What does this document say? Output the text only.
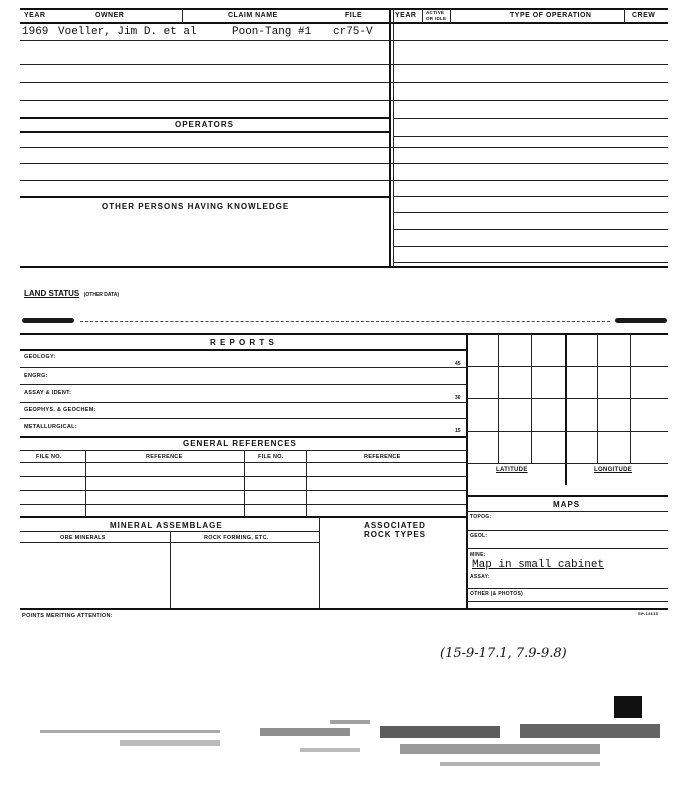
YEAR	OWNER	CLAIM NAME	FILE	YEAR ACTIVE OR IDLE	TYPE OF OPERATION	CREW
1969 Voeller, Jim D. et al	Poon-Tang #1 cr75-V
OPERATORS
OTHER PERSONS HAVING KNOWLEDGE
LAND STATUS (OTHER DATA)
R E P O R T S
GEOLOGY:
45
ENGRG:
ASSAY & IDENT:
30
GEOPHYS. & GEOCHEM:
METALLURGICAL:
15
GENERAL REFERENCES
FILE NO.	REFERENCE	FILE NO.	REFERENCE
MINERAL ASSEMBLAGE	ASSOCIATED ROCK TYPES
ORE MINERALS	ROCK FORMING, ETC.
LATITUDE	LONGITUDE
MAPS
TOPOG:
GEOL:
MINE:
Map in small cabinet
ASSAY:
OTHER (& PHOTOS)
POINTS MERITING ATTENTION:	SP-14615
(15-9-17.1, 7.9-9.8)
